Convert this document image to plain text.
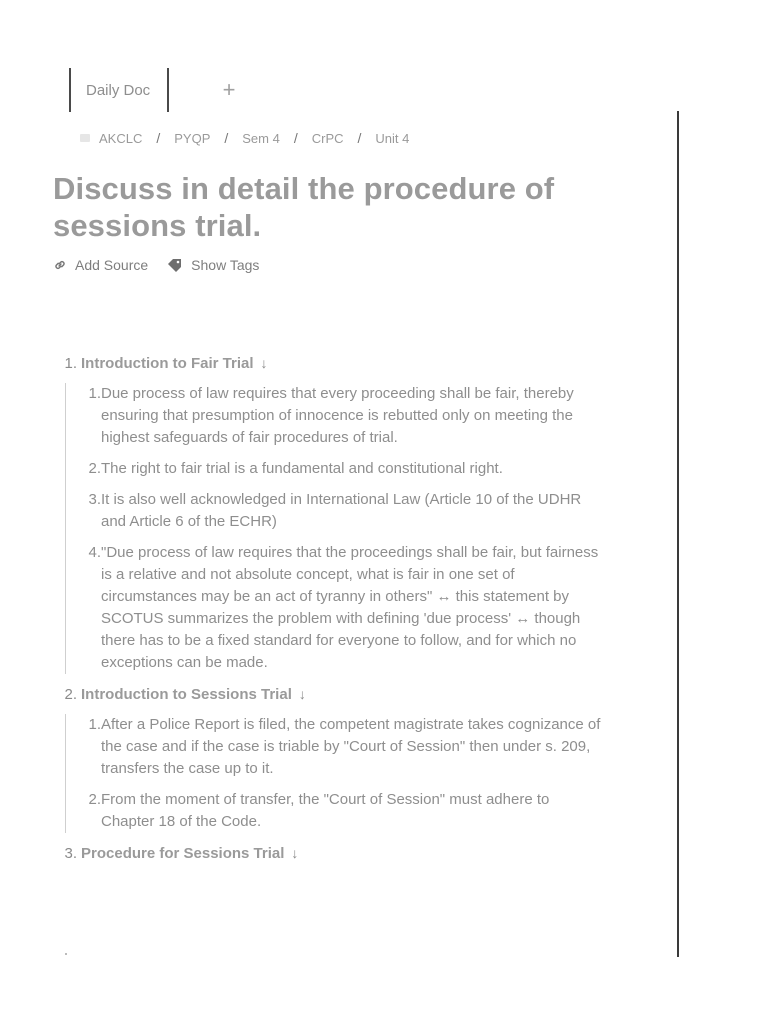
Daily Doc	+
AKCLC / PYQP / Sem 4 / CrPC / Unit 4
Discuss in detail the procedure of sessions trial.
Add Source	Show Tags
1. Introduction to Fair Trial ↓
1. Due process of law requires that every proceeding shall be fair, thereby ensuring that presumption of innocence is rebutted only on meeting the highest safeguards of fair procedures of trial.
2. The right to fair trial is a fundamental and constitutional right.
3. It is also well acknowledged in International Law (Article 10 of the UDHR and Article 6 of the ECHR)
4. "Due process of law requires that the proceedings shall be fair, but fairness is a relative and not absolute concept, what is fair in one set of circumstances may be an act of tyranny in others" ↔ this statement by SCOTUS summarizes the problem with defining 'due process' ↔ though there has to be a fixed standard for everyone to follow, and for which no exceptions can be made.
2. Introduction to Sessions Trial ↓
1. After a Police Report is filed, the competent magistrate takes cognizance of the case and if the case is triable by "Court of Session" then under s. 209, transfers the case up to it.
2. From the moment of transfer, the "Court of Session" must adhere to Chapter 18 of the Code.
3. Procedure for Sessions Trial ↓
